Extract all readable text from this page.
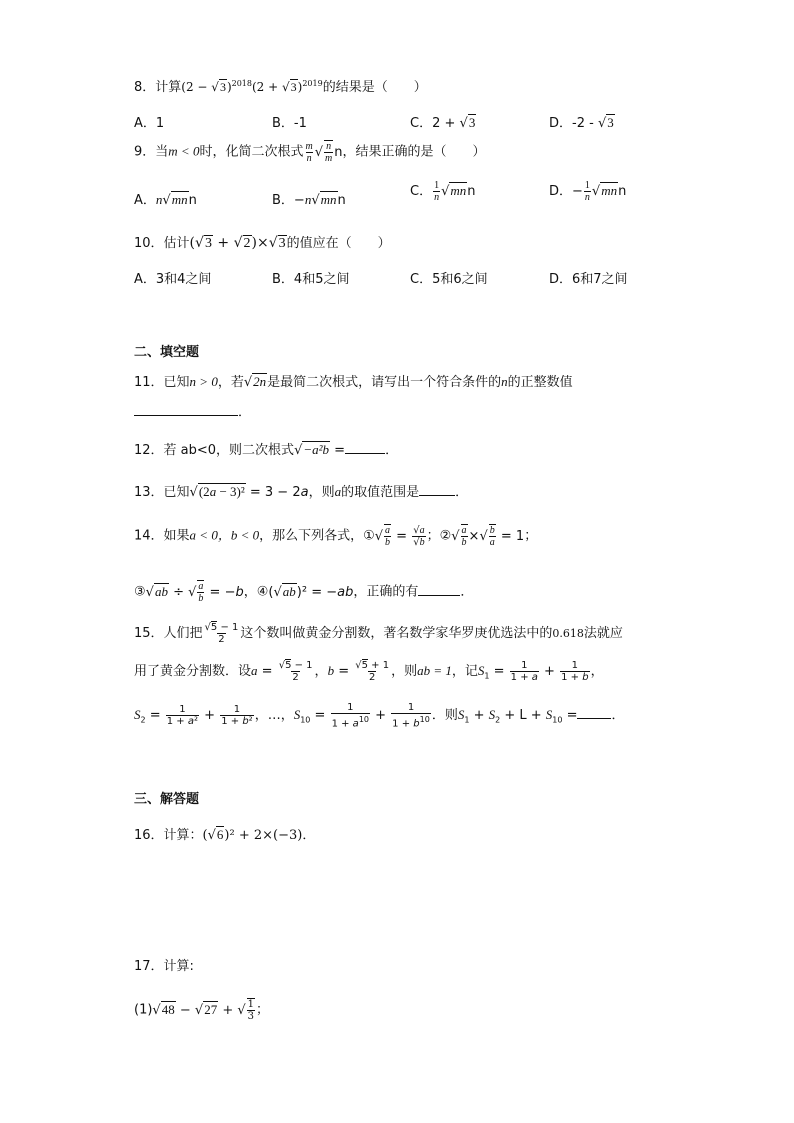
8．计算$(2 - √3)^{2018}(2 + √3)^{2019}$的结果是（　　）
A．1	B．-1	C．2 + √3	D．-2 - √3
9．当m < 0时，化简二次根式 $\frac{m}{n}$ √ $\frac{n}{m}$ n，结果正确的是（　　）
A．n√mnn	B．−n√mnn
C． $\frac{1}{n} √mnn$	D．− $\frac{1}{n} √mnn$
10．估计(√3 + √2)×√3的值应在（　　）
A．3和4之间	B．4和5之间	C．5和6之间	D．6和7之间
二、填空题
11．已知n > 0，若√2n是最简二次根式，请写出一个符合条件的n的正整数值
．
12．若 ab<0，则二次根式√−a²b =	．
13．已知√(2a − 3)² = 3 − 2a，则a的取值范围是	．
14．如果a < 0，b < 0，那么下列各式，①√ $\frac{a}{b} = \frac{√a}{√b}$ ；②√ $\frac{a}{b}$ ×√ $\frac{b}{a} = 1$；
③√ab ÷ √ $\frac{a}{b} = -b$，④(√ab)² = −ab，正确的有	．
15．人们把 $\frac{√5 - 1}{2}$ 这个数叫做黄金分割数，著名数学家华罗庚优选法中的0.618法就应
用了黄金分割数．设$a = \frac{√5 - 1}{2}$ ，$b = \frac{√5 + 1}{2}$ ，则ab = 1，记$S_1 = \frac{1}{1 + a} + \frac{1}{1 + b}$ ，
$S_2 = \frac{1}{\text{1 + a²}} + \frac{1}{\text{1 + b²}}$ ，…，$S_{10} = \frac{1}{1 + a^{10}} + \frac{1}{1 + b^{10}}$ ．则$S_1 + S_2 + L + S_{10}$ =	．
三、解答题
16．计算：(√6)² + 2×(−3)．
17．计算:
(1)√48 − √27 + √ $\frac{1}{3}$ ；
